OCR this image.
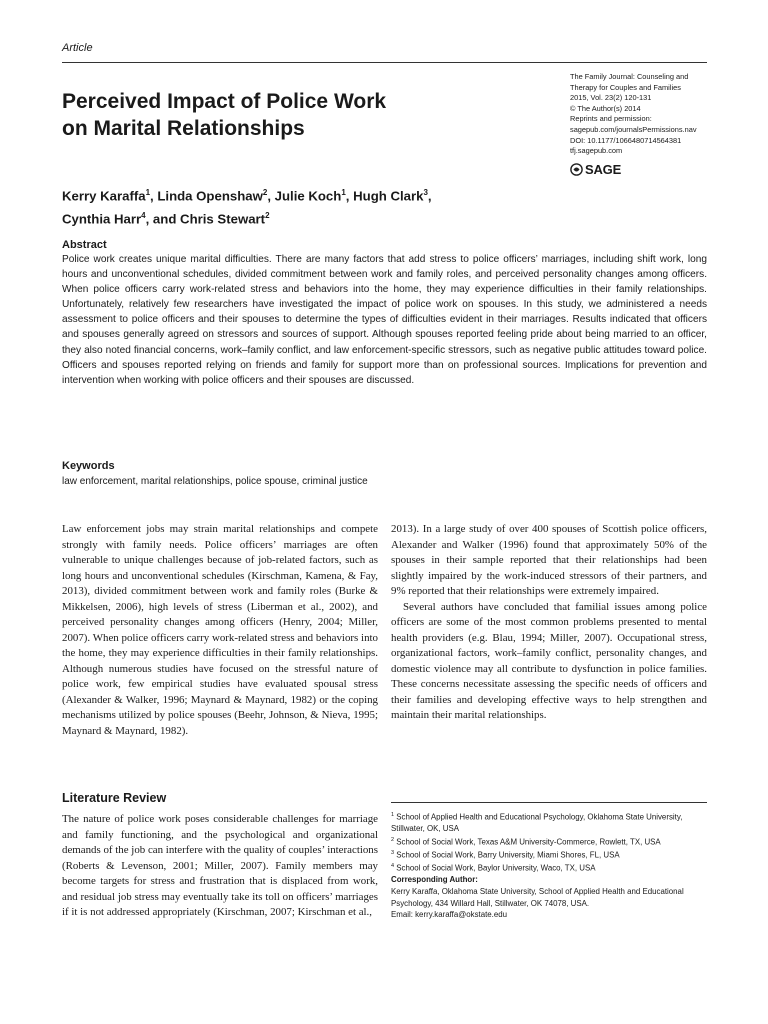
Article
Perceived Impact of Police Work
on Marital Relationships
The Family Journal: Counseling and
Therapy for Couples and Families
2015, Vol. 23(2) 120-131
© The Author(s) 2014
Reprints and permission:
sagepub.com/journalsPermissions.nav
DOI: 10.1177/1066480714564381
tfj.sagepub.com
SAGE
Kerry Karaffa$^1$, Linda Openshaw$^2$, Julie Koch$^1$, Hugh Clark$^3$,
Cynthia Harr$^4$, and Chris Stewart$^2$
Abstract
Police work creates unique marital difficulties. There are many factors that add stress to police officers’ marriages, including shift work, long hours and unconventional schedules, divided commitment between work and family roles, and perceived personality changes among officers. When police officers carry work-related stress and behaviors into the home, they may experience difficulties in their family relationships. Unfortunately, relatively few researchers have investigated the impact of police work on spouses. In this study, we administered a needs assessment to police officers and their spouses to determine the types of difficulties evident in their marriages. Results indicated that officers and spouses generally agreed on stressors and sources of support. Although spouses reported feeling pride about being married to an officer, they also noted financial concerns, work–family conflict, and law enforcement-specific stressors, such as negative public attitudes toward police. Officers and spouses reported relying on friends and family for support more than on professional sources. Implications for prevention and intervention when working with police officers and their spouses are discussed.
Keywords
law enforcement, marital relationships, police spouse, criminal justice

Law enforcement jobs may strain marital relationships and compete strongly with family needs. Police officers’ marriages are often vulnerable to unique challenges because of job-related factors, such as long hours and unconventional schedules (Kirschman, Kamena, & Fay, 2013), divided commitment between work and family roles (Burke & Mikkelsen, 2006), high levels of stress (Liberman et al., 2002), and perceived personality changes among officers (Henry, 2004; Miller, 2007). When police officers carry work-related stress and behaviors into the home, they may experience difficulties in their family relationships. Although numerous studies have focused on the stressful nature of police work, few empirical studies have evaluated spousal stress (Alexander & Walker, 1996; Maynard & Maynard, 1982) or the coping mechanisms utilized by police spouses (Beehr, Johnson, & Nieva, 1995; Maynard & Maynard, 1982).

Literature Review

The nature of police work poses considerable challenges for marriage and family functioning, and the psychological and organizational demands of the job can interfere with the quality of couples’ interactions (Roberts & Levenson, 2001; Miller, 2007). Family members may become targets for stress and frustration that is displaced from work, and residual job stress may eventually take its toll on officers’ marriages if it is not addressed appropriately (Kirschman, 2007; Kirschman et al.,

2013). In a large study of over 400 spouses of Scottish police officers, Alexander and Walker (1996) found that approximately 50% of the spouses in their sample reported that their relationships had been slightly impaired by the work-induced stressors of their partners, and 9% reported that their relationships were extremely impaired.

Several authors have concluded that familial issues among police officers are some of the most common problems presented to mental health providers (e.g. Blau, 1994; Miller, 2007). Occupational stress, organizational factors, work–family conflict, personality changes, and domestic violence may all contribute to dysfunction in police families. These concerns necessitate assessing the specific needs of officers and their families and developing effective ways to help strengthen and maintain their marital relationships.

$^1$ School of Applied Health and Educational Psychology, Oklahoma State University, Stillwater, OK, USA
$^2$ School of Social Work, Texas A&M University-Commerce, Rowlett, TX, USA
$^3$ School of Social Work, Barry University, Miami Shores, FL, USA
$^4$ School of Social Work, Baylor University, Waco, TX, USA
Corresponding Author:
Kerry Karaffa, Oklahoma State University, School of Applied Health and Educational Psychology, 434 Willard Hall, Stillwater, OK 74078, USA.
Email: kerry.karaffa@okstate.edu
